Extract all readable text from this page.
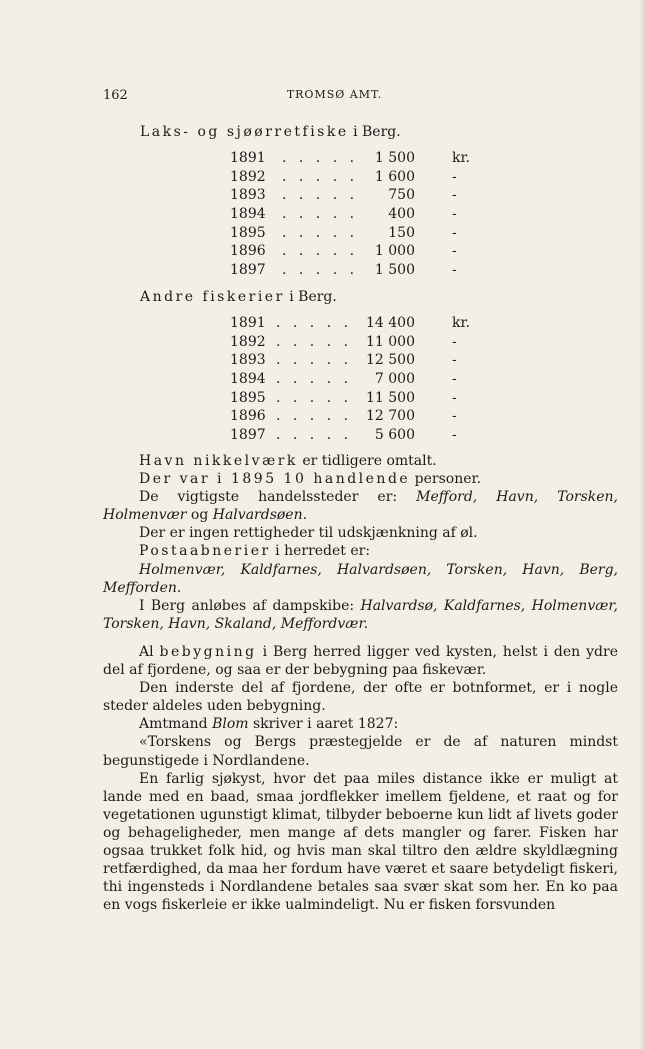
162	TROMSØ AMT.
Laks- og sjøørretfiske i Berg.
1891 . . . . . 1 500	kr.
1892 . . . . . 1 600	-
1893 . . . . . 750	-
1894 . . . . . 400	-
1895 . . . . . 150	-
1896 . . . . . 1 000	-
1897 . . . . . 1 500	-
Andre fiskerier i Berg.
1891 . . . . . 14 400	kr.
1892 . . . . . 11 000	-
1893 . . . . . 12 500	-
1894 . . . . . 7 000	-
1895 . . . . . 11 500	-
1896 . . . . . 12 700	-
1897 . . . . . 5 600	-

Havn nikkelværk er tidligere omtalt.

Der var i 1895 10 handlende personer.

De vigtigste handelssteder er: Mefford, Havn, Torsken, Holmenvær og Halvardsøen.

Der er ingen rettigheder til udskjænkning af øl.

Postaabnerier i herredet er:

Holmenvær, Kaldfarnes, Halvardsøen, Torsken, Havn, Berg, Mefforden.

I Berg anløbes af dampskibe: Halvardsø, Kaldfarnes, Holmenvær, Torsken, Havn, Skaland, Meffordvær.

Al bebygning i Berg herred ligger ved kysten, helst i den ydre del af fjordene, og saa er der bebygning paa fiskevær.

Den inderste del af fjordene, der ofte er botnformet, er i nogle steder aldeles uden bebygning.

Amtmand Blom skriver i aaret 1827:

«Torskens og Bergs præstegjelde er de af naturen mindst begunstigede i Nordlandene.

En farlig sjøkyst, hvor det paa miles distance ikke er muligt at lande med en baad, smaa jordflekker imellem fjeldene, et raat og for vegetationen ugunstigt klimat, tilbyder beboerne kun lidt af livets goder og behageligheder, men mange af dets mangler og farer. Fisken har ogsaa trukket folk hid, og hvis man skal tiltro den ældre skyldlægning retfærdighed, da maa her fordum have været et saare betydeligt fiskeri, thi ingensteds i Nordlandene betales saa svær skat som her. En ko paa en vogs fiskerleie er ikke ualmindeligt. Nu er fisken forsvunden
